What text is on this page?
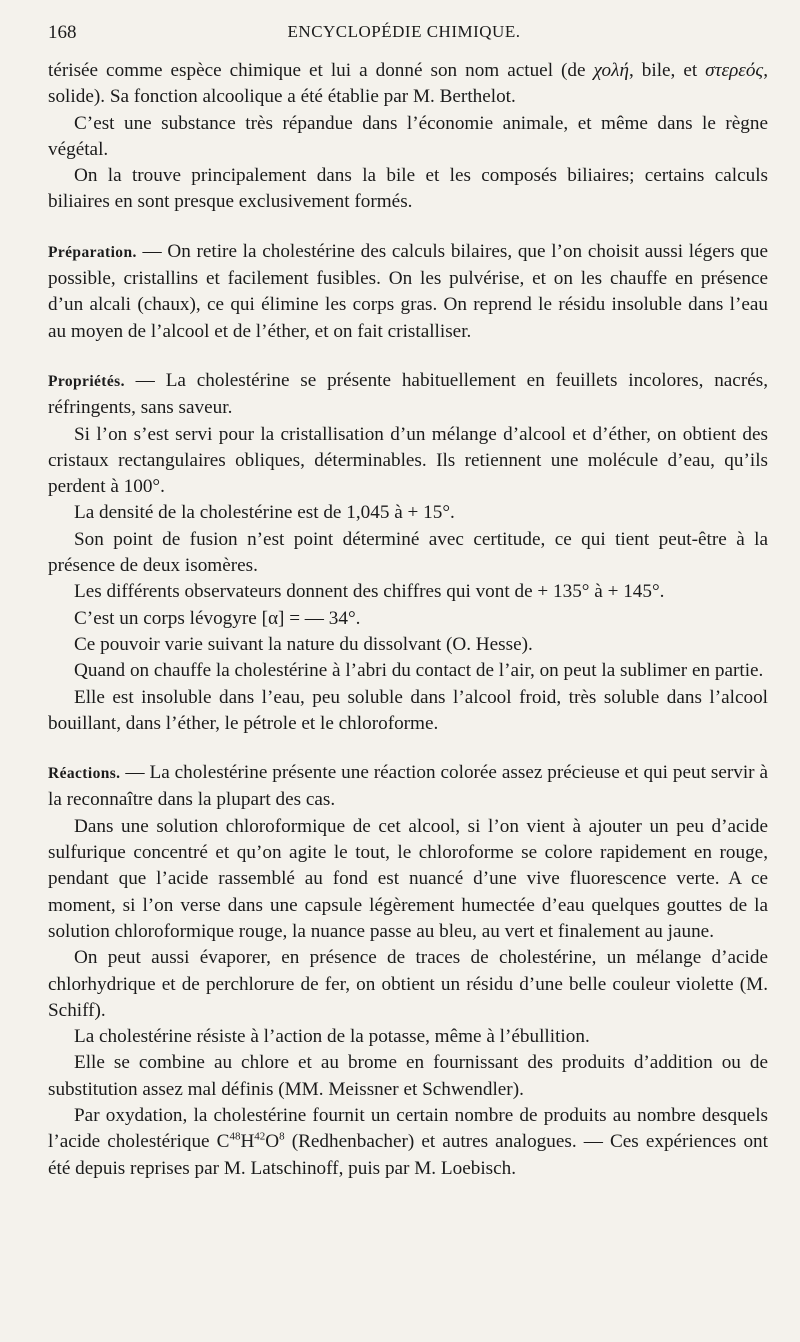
168	ENCYCLOPÉDIE CHIMIQUE.

térisée comme espèce chimique et lui a donné son nom actuel (de χολή, bile, et στερεός, solide). Sa fonction alcoolique a été établie par M. Berthelot.

C’est une substance très répandue dans l’économie animale, et même dans le règne végétal.

On la trouve principalement dans la bile et les composés biliaires; certains calculs biliaires en sont presque exclusivement formés.

Préparation. — On retire la cholestérine des calculs bilaires, que l’on choisit aussi légers que possible, cristallins et facilement fusibles. On les pulvérise, et on les chauffe en présence d’un alcali (chaux), ce qui élimine les corps gras. On reprend le résidu insoluble dans l’eau au moyen de l’alcool et de l’éther, et on fait cristalliser.

Propriétés. — La cholestérine se présente habituellement en feuillets incolores, nacrés, réfringents, sans saveur.

Si l’on s’est servi pour la cristallisation d’un mélange d’alcool et d’éther, on obtient des cristaux rectangulaires obliques, déterminables. Ils retiennent une molécule d’eau, qu’ils perdent à 100°.

La densité de la cholestérine est de 1,045 à + 15°.

Son point de fusion n’est point déterminé avec certitude, ce qui tient peut-être à la présence de deux isomères.

Les différents observateurs donnent des chiffres qui vont de + 135° à + 145°.

C’est un corps lévogyre [α] = — 34°.

Ce pouvoir varie suivant la nature du dissolvant (O. Hesse).

Quand on chauffe la cholestérine à l’abri du contact de l’air, on peut la sublimer en partie.

Elle est insoluble dans l’eau, peu soluble dans l’alcool froid, très soluble dans l’alcool bouillant, dans l’éther, le pétrole et le chloroforme.

Réactions. — La cholestérine présente une réaction colorée assez précieuse et qui peut servir à la reconnaître dans la plupart des cas.

Dans une solution chloroformique de cet alcool, si l’on vient à ajouter un peu d’acide sulfurique concentré et qu’on agite le tout, le chloroforme se colore rapidement en rouge, pendant que l’acide rassemblé au fond est nuancé d’une vive fluorescence verte. A ce moment, si l’on verse dans une capsule légèrement humectée d’eau quelques gouttes de la solution chloroformique rouge, la nuance passe au bleu, au vert et finalement au jaune.

On peut aussi évaporer, en présence de traces de cholestérine, un mélange d’acide chlorhydrique et de perchlorure de fer, on obtient un résidu d’une belle couleur violette (M. Schiff).

La cholestérine résiste à l’action de la potasse, même à l’ébullition.

Elle se combine au chlore et au brome en fournissant des produits d’addition ou de substitution assez mal définis (MM. Meissner et Schwendler).

Par oxydation, la cholestérine fournit un certain nombre de produits au nombre desquels l’acide cholestérique $C^{48}H^{42}O^8$ (Redhenbacher) et autres analogues. — Ces expériences ont été depuis reprises par M. Latschinoff, puis par M. Loebisch.
